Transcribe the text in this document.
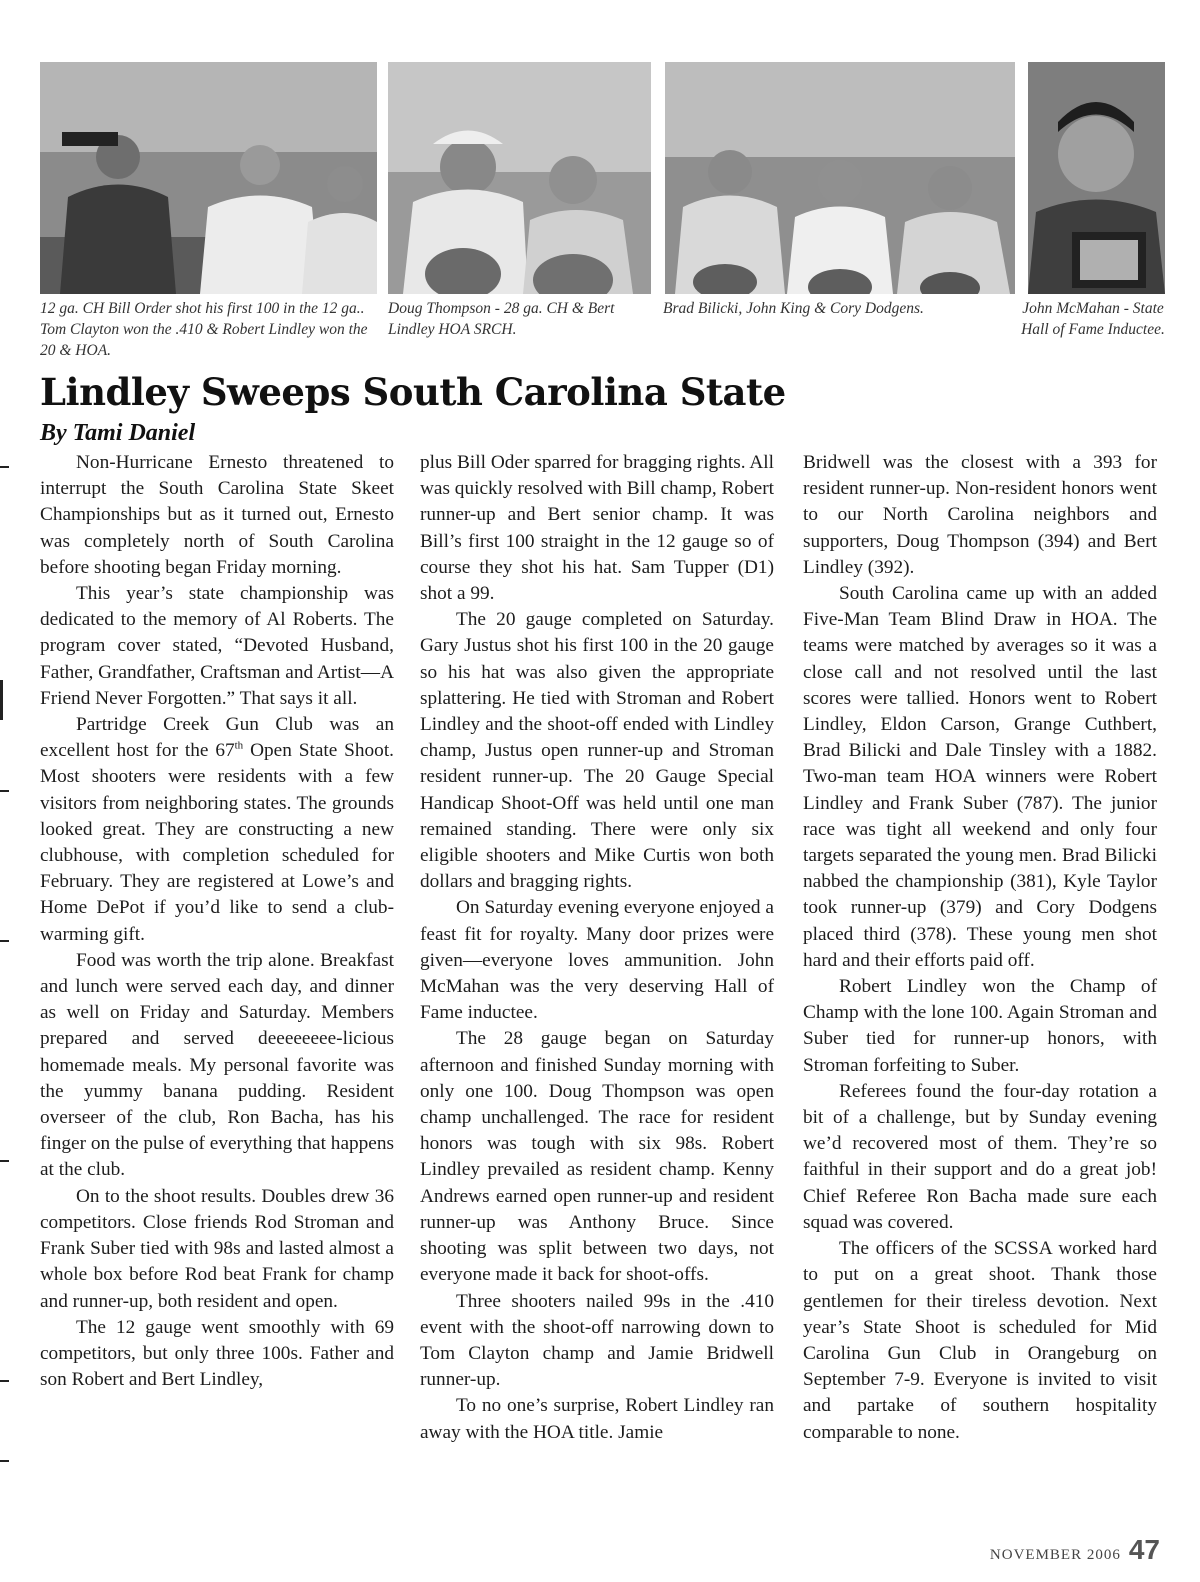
12 ga. CH Bill Order shot his first 100 in the 12 ga.. Tom Clayton won the .410 & Robert Lindley won the 20 & HOA.
Doug Thompson - 28 ga. CH & Bert Lindley HOA SRCH.
Brad Bilicki, John King & Cory Dodgens.	John McMahan - State Hall of Fame Inductee.
Lindley Sweeps South Carolina State
By Tami Daniel

Non-Hurricane Ernesto threatened to interrupt the South Carolina State Skeet Championships but as it turned out, Ernesto was completely north of South Carolina before shooting began Friday morning.

This year’s state championship was dedicated to the memory of Al Roberts. The program cover stated, “Devoted Husband, Father, Grandfather, Craftsman and Artist—A Friend Never Forgotten.” That says it all.

Partridge Creek Gun Club was an excellent host for the 67th Open State Shoot. Most shooters were residents with a few visitors from neighboring states. The grounds looked great. They are constructing a new clubhouse, with completion scheduled for February. They are registered at Lowe’s and Home DePot if you’d like to send a club-warming gift.

Food was worth the trip alone. Breakfast and lunch were served each day, and dinner as well on Friday and Saturday. Members prepared and served deeeeeeee-licious homemade meals. My personal favorite was the yummy banana pudding. Resident overseer of the club, Ron Bacha, has his finger on the pulse of everything that happens at the club.

On to the shoot results. Doubles drew 36 competitors. Close friends Rod Stroman and Frank Suber tied with 98s and lasted almost a whole box before Rod beat Frank for champ and runner-up, both resident and open.

The 12 gauge went smoothly with 69 competitors, but only three 100s. Father and son Robert and Bert Lindley,

plus Bill Oder sparred for bragging rights. All was quickly resolved with Bill champ, Robert runner-up and Bert senior champ. It was Bill’s first 100 straight in the 12 gauge so of course they shot his hat. Sam Tupper (D1) shot a 99.

The 20 gauge completed on Saturday. Gary Justus shot his first 100 in the 20 gauge so his hat was also given the appropriate splattering. He tied with Stroman and Robert Lindley and the shoot-off ended with Lindley champ, Justus open runner-up and Stroman resident runner-up. The 20 Gauge Special Handicap Shoot-Off was held until one man remained standing. There were only six eligible shooters and Mike Curtis won both dollars and bragging rights.

On Saturday evening everyone enjoyed a feast fit for royalty. Many door prizes were given—everyone loves ammunition. John McMahan was the very deserving Hall of Fame inductee.

The 28 gauge began on Saturday afternoon and finished Sunday morning with only one 100. Doug Thompson was open champ unchallenged. The race for resident honors was tough with six 98s. Robert Lindley prevailed as resident champ. Kenny Andrews earned open runner-up and resident runner-up was Anthony Bruce. Since shooting was split between two days, not everyone made it back for shoot-offs.

Three shooters nailed 99s in the .410 event with the shoot-off narrowing down to Tom Clayton champ and Jamie Bridwell runner-up.

To no one’s surprise, Robert Lindley ran away with the HOA title. Jamie

Bridwell was the closest with a 393 for resident runner-up. Non-resident honors went to our North Carolina neighbors and supporters, Doug Thompson (394) and Bert Lindley (392).

South Carolina came up with an added Five-Man Team Blind Draw in HOA. The teams were matched by averages so it was a close call and not resolved until the last scores were tallied. Honors went to Robert Lindley, Eldon Carson, Grange Cuthbert, Brad Bilicki and Dale Tinsley with a 1882. Two-man team HOA winners were Robert Lindley and Frank Suber (787). The junior race was tight all weekend and only four targets separated the young men. Brad Bilicki nabbed the championship (381), Kyle Taylor took runner-up (379) and Cory Dodgens placed third (378). These young men shot hard and their efforts paid off.

Robert Lindley won the Champ of Champ with the lone 100. Again Stroman and Suber tied for runner-up honors, with Stroman forfeiting to Suber.

Referees found the four-day rotation a bit of a challenge, but by Sunday evening we’d recovered most of them. They’re so faithful in their support and do a great job! Chief Referee Ron Bacha made sure each squad was covered.

The officers of the SCSSA worked hard to put on a great shoot. Thank those gentlemen for their tireless devotion. Next year’s State Shoot is scheduled for Mid Carolina Gun Club in Orangeburg on September 7-9. Everyone is invited to visit and partake of southern hospitality comparable to none.

NOVEMBER 2006 47
